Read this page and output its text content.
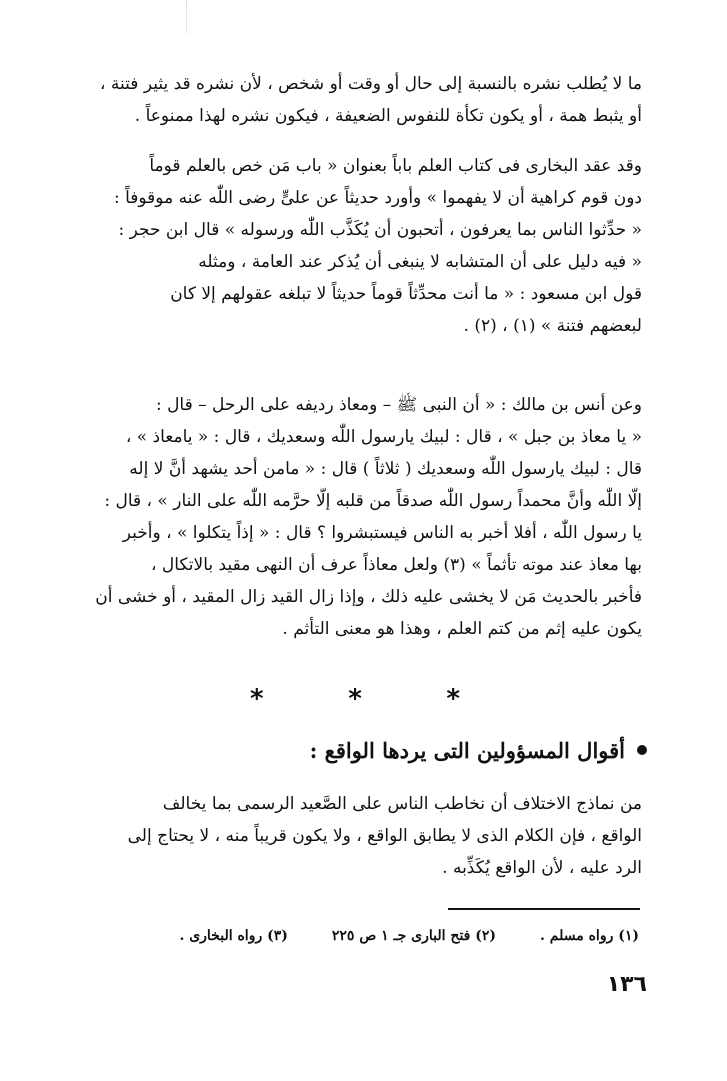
ما لا يُطلب نشره بالنسبة إلى حال أو وقت أو شخص ، لأن نشره قد يثير فتنة ،
أو يثبط همة ، أو يكون تكأة للنفوس الضعيفة ، فيكون نشره لهذا ممنوعاً .

وقد عقد البخارى فى كتاب العلم باباً بعنوان « باب مَن خص بالعلم قوماً
دون قوم كراهية أن لا يفهموا » وأورد حديثاً عن علىٍّ رضى اللّٰه عنه موقوفاً :
« حدِّثوا الناس بما يعرفون ، أتحبون أن يُكَذَّب اللّٰه ورسوله » قال ابن حجر :
« فيه دليل على أن المتشابه لا ينبغى أن يُذكر عند العامة ، ومثله
قول ابن مسعود : « ما أنت محدِّثاً قوماً حديثاً لا تبلغه عقولهم إلا كان
لبعضهم فتنة » (١) ، (٢) .

وعن أنس بن مالك : « أن النبى ﷺ – ومعاذ رديفه على الرحل – قال :
« يا معاذ بن جبل » ، قال : لبيك يارسول اللّٰه وسعديك ، قال : « يامعاذ » ،
قال : لبيك يارسول اللّٰه وسعديك ( ثلاثاً ) قال : « مامن أحد يشهد أنَّ لا إله
إلّا اللّٰه وأنَّ محمداً رسول اللّٰه صدقاً من قلبه إلّا حرَّمه اللّٰه على النار » ، قال :
يا رسول اللّٰه ، أفلا أخبر به الناس فيستبشروا ؟ قال : « إذاً يتكلوا » ، وأخبر
بها معاذ عند موته تأثماً » (٣) ولعل معاذاً عرف أن النهى مقيد بالاتكال ،
فأخبر بالحديث مَن لا يخشى عليه ذلك ، وإذا زال القيد زال المقيد ، أو خشى أن
يكون عليه إثم من كتم العلم ، وهذا هو معنى التأثم .

*	*	*
أقوال المسؤولين التى يردها الواقع :

من نماذج الاختلاف أن نخاطب الناس على الصَّعيد الرسمى بما يخالف
الواقع ، فإن الكلام الذى لا يطابق الواقع ، ولا يكون قريباً منه ، لا يحتاج إلى
الرد عليه ، لأن الواقع يُكَذِّبه .

(١) رواه مسلم .
(٢) فتح البارى جـ ١ ص ٢٢٥
(٣) رواه البخارى .
١٣٦
